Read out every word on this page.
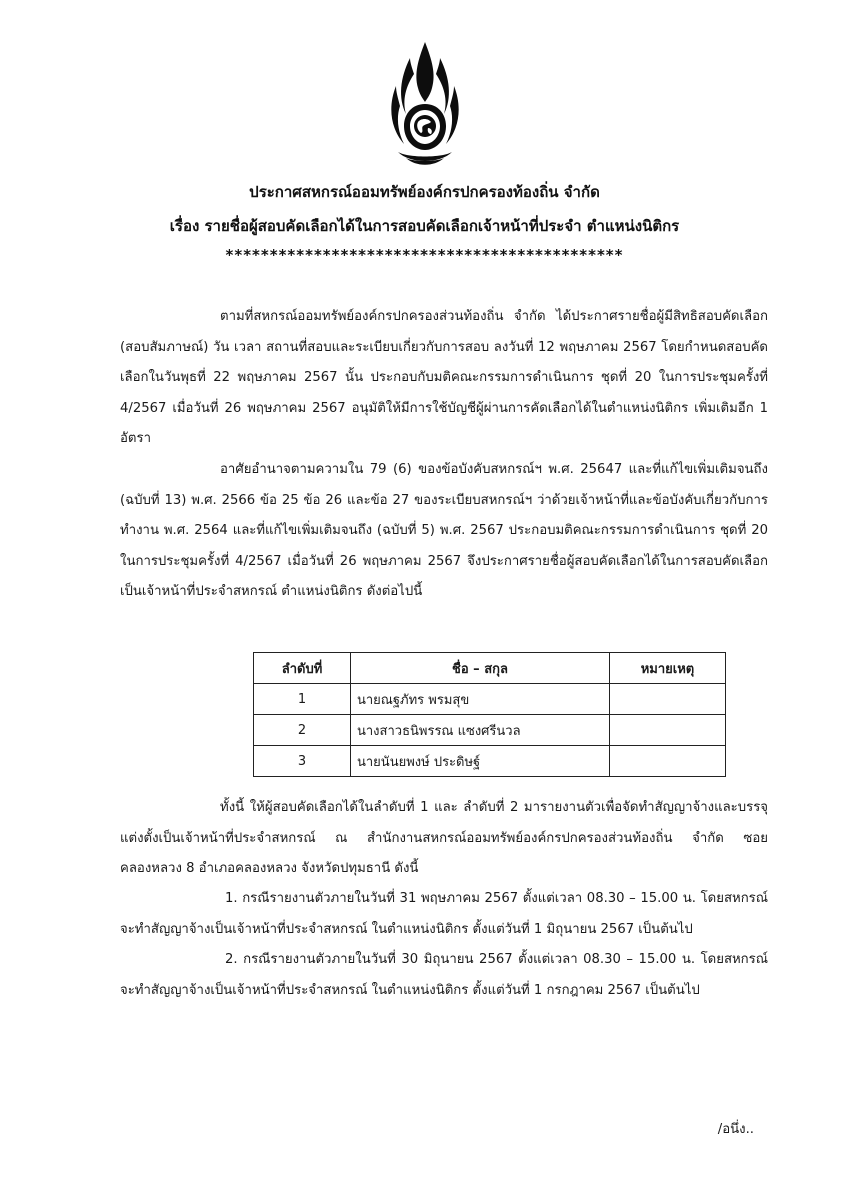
ประกาศสหกรณ์ออมทรัพย์องค์กรปกครองท้องถิ่น จำกัด
เรื่อง รายชื่อผู้สอบคัดเลือกได้ในการสอบคัดเลือกเจ้าหน้าที่ประจำ ตำแหน่งนิติกร
*********************************************

ตามที่สหกรณ์ออมทรัพย์องค์กรปกครองส่วนท้องถิ่น จำกัด ได้ประกาศรายชื่อผู้มีสิทธิสอบคัดเลือก (สอบสัมภาษณ์) วัน เวลา สถานที่สอบและระเบียบเกี่ยวกับการสอบ ลงวันที่ 12 พฤษภาคม 2567 โดยกำหนดสอบคัดเลือกในวันพุธที่ 22 พฤษภาคม 2567 นั้น ประกอบกับมติคณะกรรมการดำเนินการ ชุดที่ 20 ในการประชุมครั้งที่ 4/2567 เมื่อวันที่ 26 พฤษภาคม 2567 อนุมัติให้มีการใช้บัญชีผู้ผ่านการคัดเลือกได้ในตำแหน่งนิติกร เพิ่มเติมอีก 1 อัตรา

อาศัยอำนาจตามความใน 79 (6) ของข้อบังคับสหกรณ์ฯ พ.ศ. 25647 และที่แก้ไขเพิ่มเติมจนถึง (ฉบับที่ 13) พ.ศ. 2566 ข้อ 25 ข้อ 26 และข้อ 27 ของระเบียบสหกรณ์ฯ ว่าด้วยเจ้าหน้าที่และข้อบังคับเกี่ยวกับการทำงาน พ.ศ. 2564 และที่แก้ไขเพิ่มเติมจนถึง (ฉบับที่ 5) พ.ศ. 2567 ประกอบมติคณะกรรมการดำเนินการ ชุดที่ 20 ในการประชุมครั้งที่ 4/2567 เมื่อวันที่ 26 พฤษภาคม 2567 จึงประกาศรายชื่อผู้สอบคัดเลือกได้ในการสอบคัดเลือกเป็นเจ้าหน้าที่ประจำสหกรณ์ ตำแหน่งนิติกร ดังต่อไปนี้

ลำดับที่	ชื่อ – สกุล	หมายเหตุ
1	นายณฐภัทร พรมสุข	
2	นางสาวธนิพรรณ แซงศรีนวล	
3	นายนันยพงษ์ ประดิษฐ์	

ทั้งนี้ ให้ผู้สอบคัดเลือกได้ในลำดับที่ 1 และ ลำดับที่ 2 มารายงานตัวเพื่อจัดทำสัญญาจ้างและบรรจุแต่งตั้งเป็นเจ้าหน้าที่ประจำสหกรณ์ ณ สำนักงานสหกรณ์ออมทรัพย์องค์กรปกครองส่วนท้องถิ่น จำกัด ซอยคลองหลวง 8 อำเภอคลองหลวง จังหวัดปทุมธานี ดังนี้

1. กรณีรายงานตัวภายในวันที่ 31 พฤษภาคม 2567 ตั้งแต่เวลา 08.30 – 15.00 น. โดยสหกรณ์จะทำสัญญาจ้างเป็นเจ้าหน้าที่ประจำสหกรณ์ ในตำแหน่งนิติกร ตั้งแต่วันที่ 1 มิถุนายน 2567 เป็นต้นไป

2. กรณีรายงานตัวภายในวันที่ 30 มิถุนายน 2567 ตั้งแต่เวลา 08.30 – 15.00 น. โดยสหกรณ์จะทำสัญญาจ้างเป็นเจ้าหน้าที่ประจำสหกรณ์ ในตำแหน่งนิติกร ตั้งแต่วันที่ 1 กรกฎาคม 2567 เป็นต้นไป

/อนึ่ง..
